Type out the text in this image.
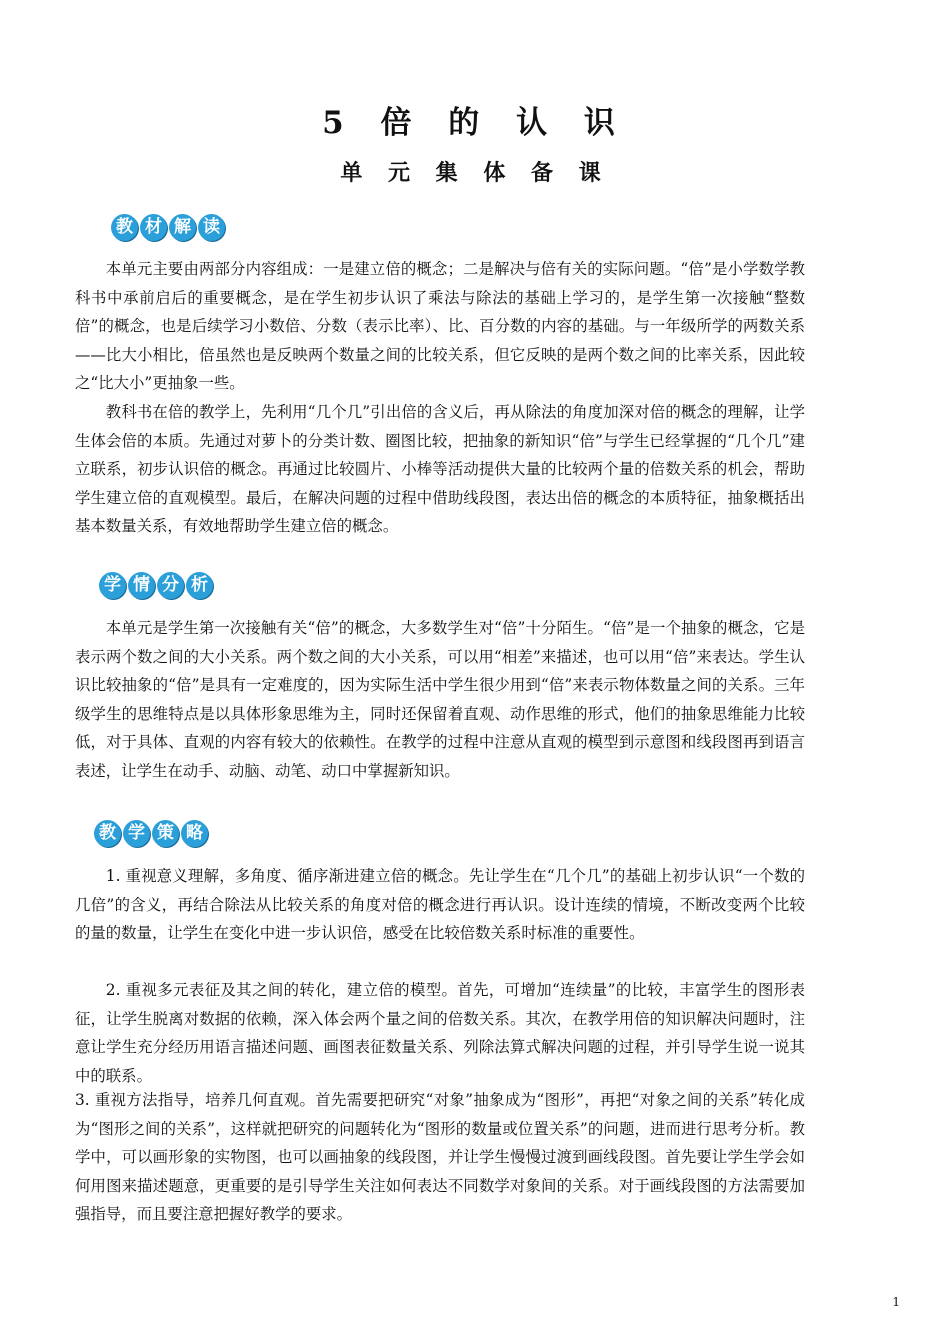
5 倍 的 认 识
单 元 集 体 备 课
教 材 解 读

本单元主要由两部分内容组成：一是建立倍的概念；二是解决与倍有关的实际问题。“倍”是小学数学教科书中承前启后的重要概念，是在学生初步认识了乘法与除法的基础上学习的，是学生第一次接触“整数倍”的概念，也是后续学习小数倍、分数（表示比率）、比、百分数的内容的基础。与一年级所学的两数关系——比大小相比，倍虽然也是反映两个数量之间的比较关系，但它反映的是两个数之间的比率关系，因此较之“比大小”更抽象一些。

教科书在倍的教学上，先利用“几个几”引出倍的含义后，再从除法的角度加深对倍的概念的理解，让学生体会倍的本质。先通过对萝卜的分类计数、圈图比较，把抽象的新知识“倍”与学生已经掌握的“几个几”建立联系，初步认识倍的概念。再通过比较圆片、小棒等活动提供大量的比较两个量的倍数关系的机会，帮助学生建立倍的直观模型。最后，在解决问题的过程中借助线段图，表达出倍的概念的本质特征，抽象概括出基本数量关系，有效地帮助学生建立倍的概念。

学 情 分 析

本单元是学生第一次接触有关“倍”的概念，大多数学生对“倍”十分陌生。“倍”是一个抽象的概念，它是表示两个数之间的大小关系。两个数之间的大小关系，可以用“相差”来描述，也可以用“倍”来表达。学生认识比较抽象的“倍”是具有一定难度的，因为实际生活中学生很少用到“倍”来表示物体数量之间的关系。三年级学生的思维特点是以具体形象思维为主，同时还保留着直观、动作思维的形式，他们的抽象思维能力比较低，对于具体、直观的内容有较大的依赖性。在教学的过程中注意从直观的模型到示意图和线段图再到语言表述，让学生在动手、动脑、动笔、动口中掌握新知识。

教 学 策 略

1. 重视意义理解，多角度、循序渐进建立倍的概念。先让学生在“几个几”的基础上初步认识“一个数的几倍”的含义，再结合除法从比较关系的角度对倍的概念进行再认识。设计连续的情境，不断改变两个比较的量的数量，让学生在变化中进一步认识倍，感受在比较倍数关系时标准的重要性。

2. 重视多元表征及其之间的转化，建立倍的模型。首先，可增加“连续量”的比较，丰富学生的图形表征，让学生脱离对数据的依赖，深入体会两个量之间的倍数关系。其次，在教学用倍的知识解决问题时，注意让学生充分经历用语言描述问题、画图表征数量关系、列除法算式解决问题的过程，并引导学生说一说其中的联系。

3. 重视方法指导，培养几何直观。首先需要把研究“对象”抽象成为“图形”，再把“对象之间的关系”转化成为“图形之间的关系”，这样就把研究的问题转化为“图形的数量或位置关系”的问题，进而进行思考分析。教学中，可以画形象的实物图，也可以画抽象的线段图，并让学生慢慢过渡到画线段图。首先要让学生学会如何用图来描述题意，更重要的是引导学生关注如何表达不同数学对象间的关系。对于画线段图的方法需要加强指导，而且要注意把握好教学的要求。

1
